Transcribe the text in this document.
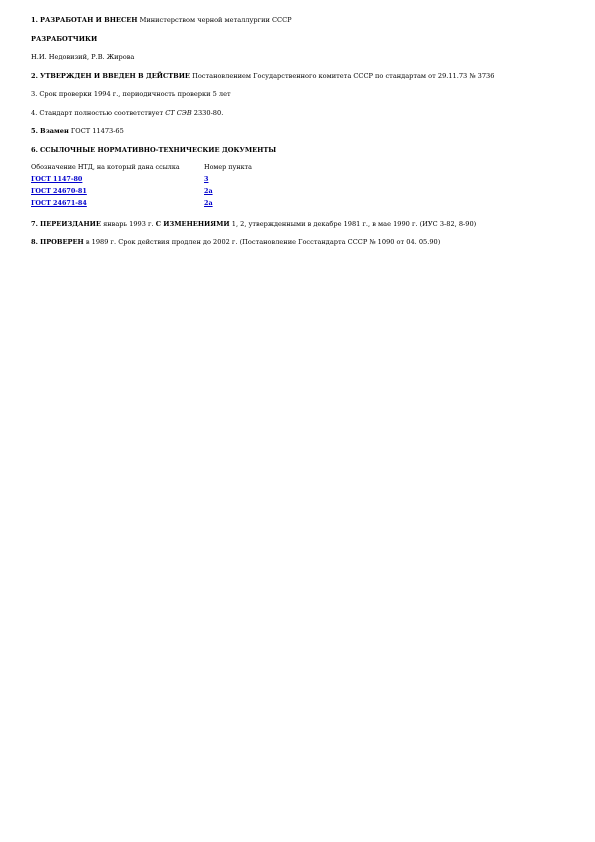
1. РАЗРАБОТАН И ВНЕСЕН Министерством черной металлургии СССР

РАЗРАБОТЧИКИ

Н.И. Недовизий, Р.В. Жирова

2. УТВЕРЖДЕН И ВВЕДЕН В ДЕЙСТВИЕ Постановлением Государственного комитета СССР по стандартам от 29.11.73 № 3736

3. Срок проверки 1994 г., периодичность проверки 5 лет

4. Стандарт полностью соответствует СТ СЭВ 2330-80.

5. Взамен ГОСТ 11473-65

6. ССЫЛОЧНЫЕ НОРМАТИВНО-ТЕХНИЧЕСКИЕ ДОКУМЕНТЫ

Обозначение НТД, на который дана ссылка	Номер пункта
ГОСТ 1147-80	3
ГОСТ 24670-81	2а
ГОСТ 24671-84	2а

7. ПЕРЕИЗДАНИЕ январь 1993 г. С ИЗМЕНЕНИЯМИ 1, 2, утвержденными в декабре 1981 г., в мае 1990 г. (ИУС 3-82, 8-90)

8. ПРОВЕРЕН в 1989 г. Срок действия продлен до 2002 г. (Постановление Госстандарта СССР № 1090 от 04. 05.90)
